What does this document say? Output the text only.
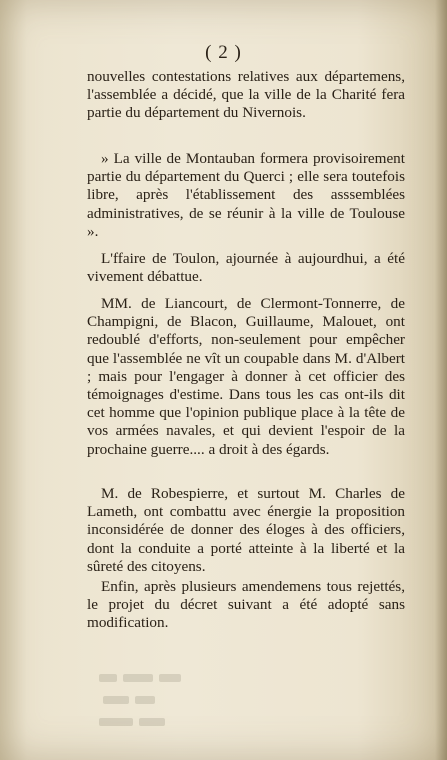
( 2 )

nouvelles contestations relatives aux départemens, l'assemblée a décidé, que la ville de la Charité fera partie du département du Nivernois.

» La ville de Montauban formera provisoirement partie du département du Querci ; elle sera toutefois libre, après l'établissement des asssemblées administratives, de se réunir à la ville de Toulouse ».

L'ffaire de Toulon, ajournée à aujourdhui, a été vivement débattue.

MM. de Liancourt, de Clermont-Tonnerre, de Champigni, de Blacon, Guillaume, Malouet, ont redoublé d'efforts, non-seulement pour empêcher que l'assemblée ne vît un coupable dans M. d'Albert ; mais pour l'engager à donner à cet officier des témoignages d'estime. Dans tous les cas ont-ils dit cet homme que l'opinion publique place à la tête de vos armées navales, et qui devient l'espoir de la prochaine guerre.... a droit à des égards.

M. de Robespierre, et surtout M. Charles de Lameth, ont combattu avec énergie la proposition inconsidérée de donner des éloges à des officiers, dont la conduite a porté atteinte à la liberté et la sûreté des citoyens.

Enfin, après plusieurs amendemens tous rejettés, le projet du décret suivant a été adopté sans modification.
